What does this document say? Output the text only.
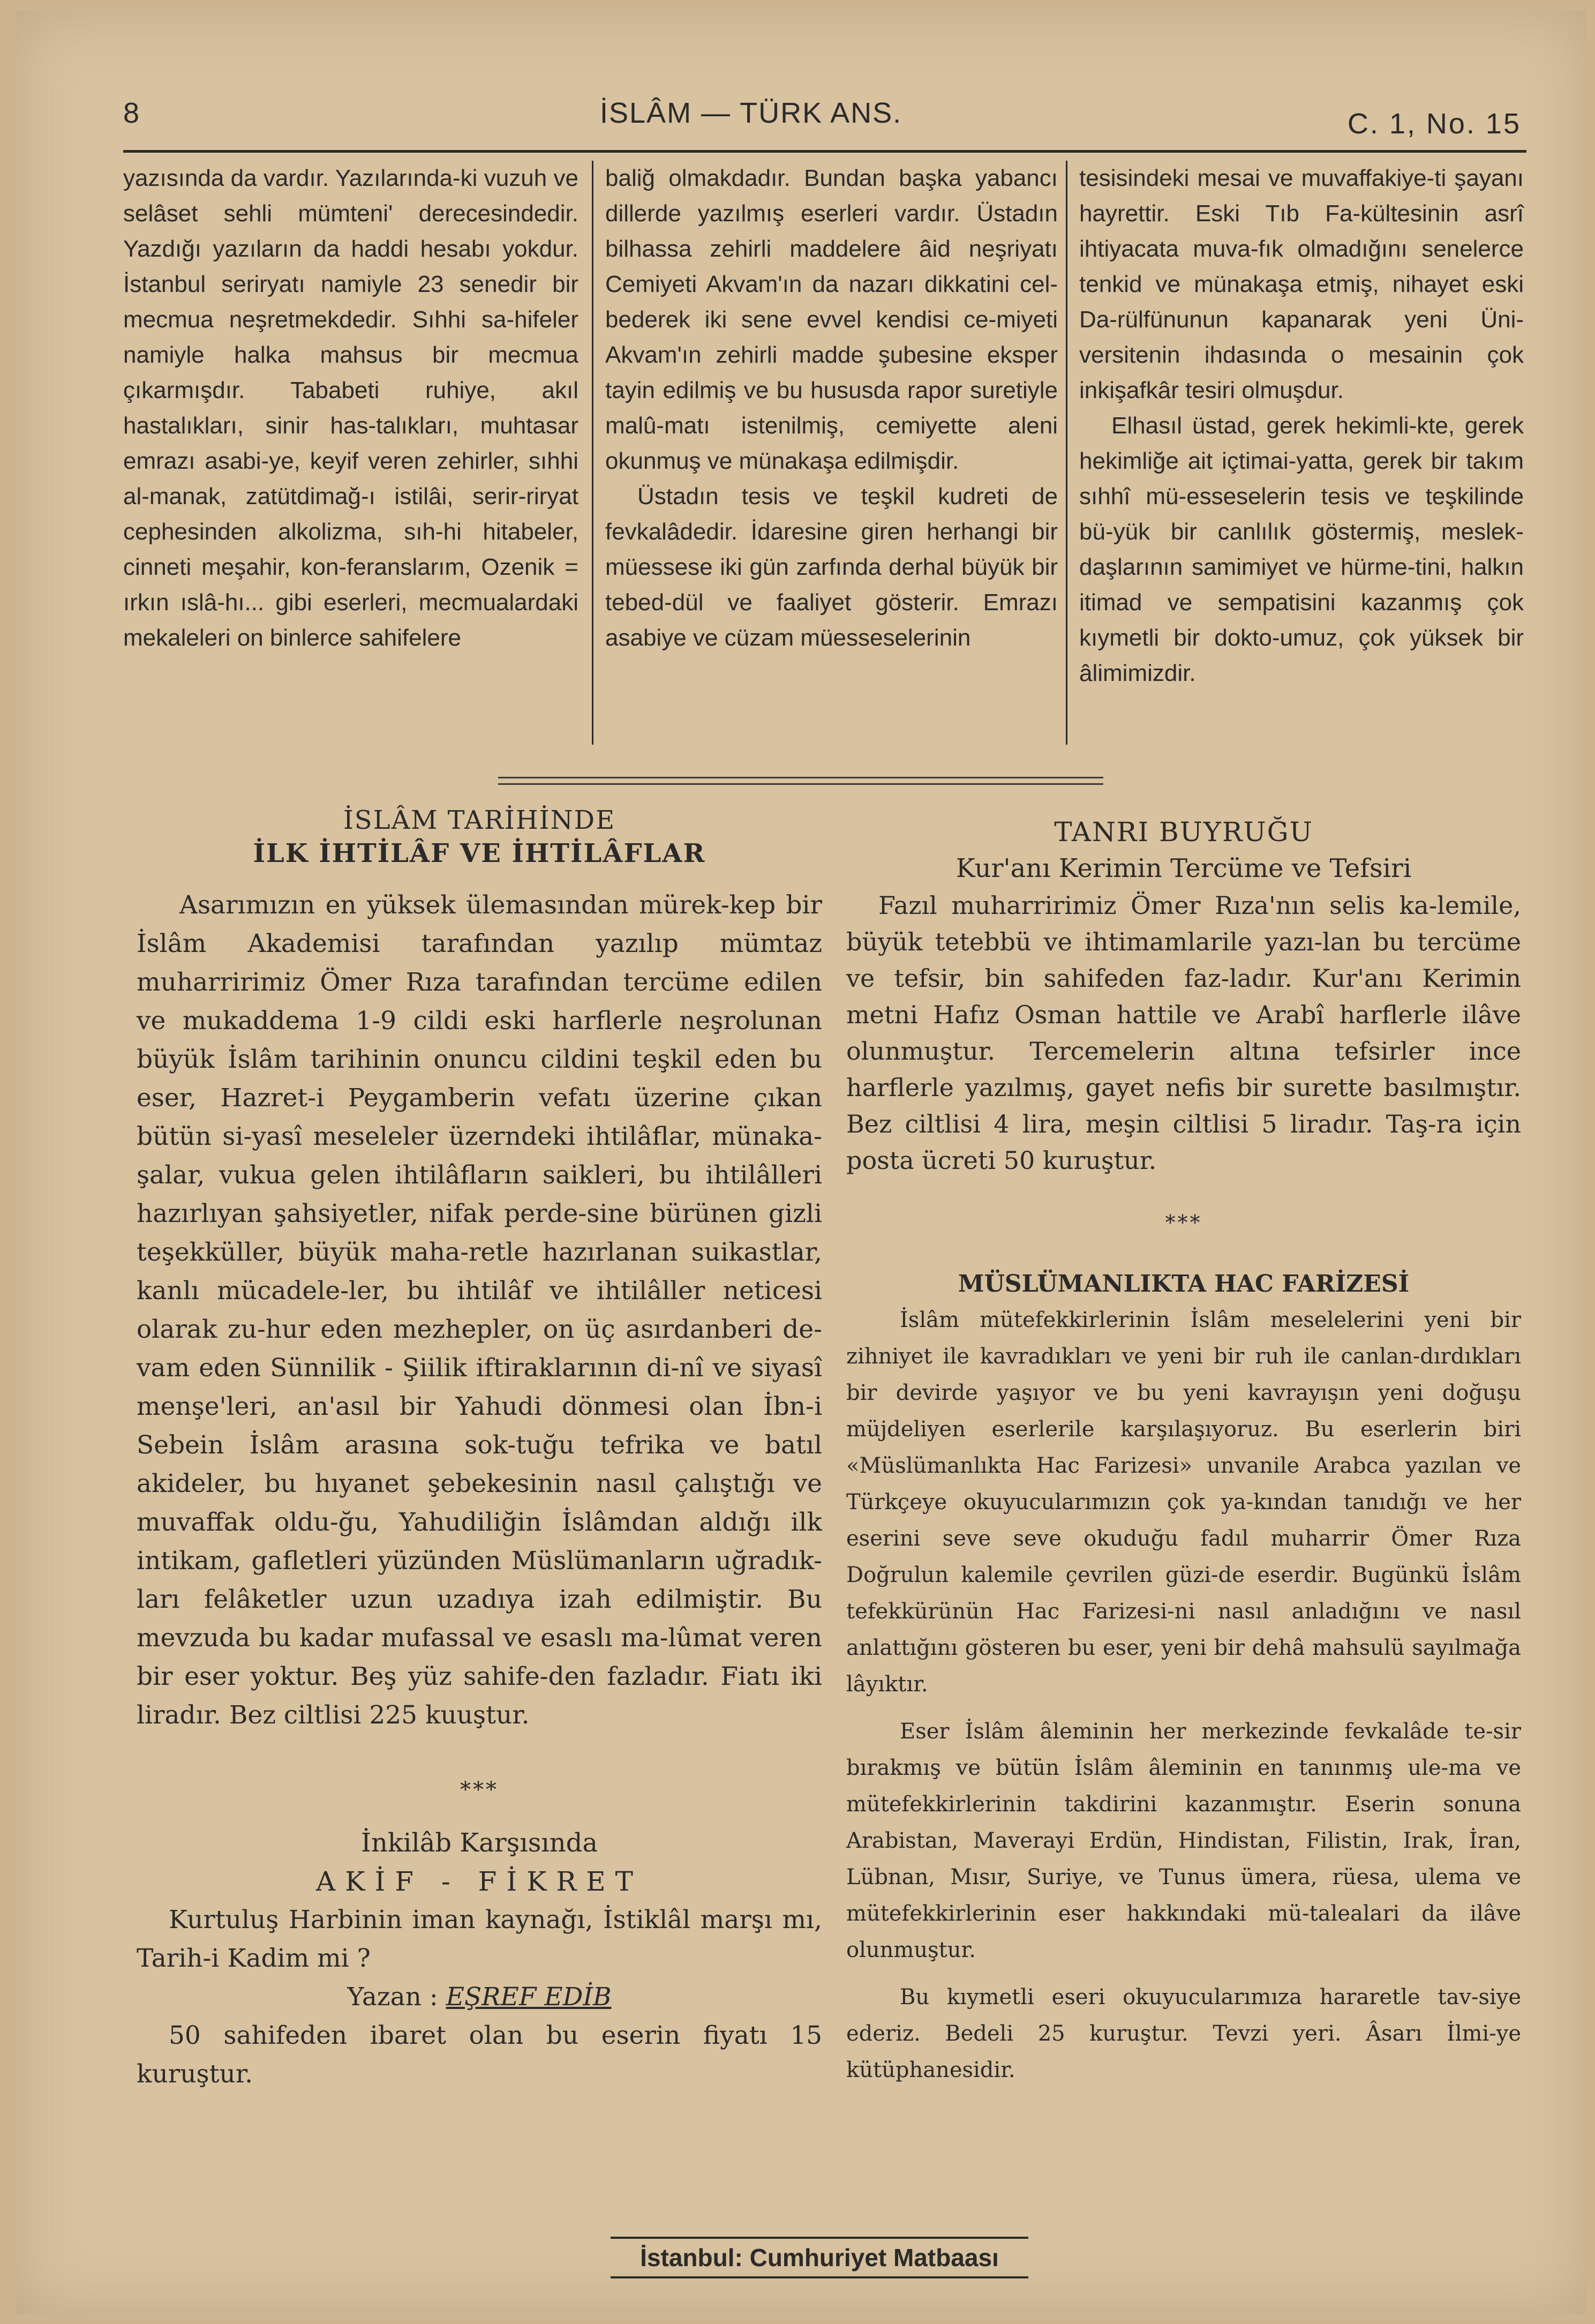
8	İSLÂM — TÜRK ANS.	C. 1, No. 15

yazısında da vardır. Yazılarında-ki vuzuh ve selâset sehli mümteni' derecesindedir. Yazdığı yazıların da haddi hesabı yokdur. İstanbul seriryatı namiyle 23 senedir bir mecmua neşretmekdedir. Sıhhi sa-hifeler namiyle halka mahsus bir mecmua çıkarmışdır. Tababeti ruhiye, akıl hastalıkları, sinir has-talıkları, muhtasar emrazı asabi-ye, keyif veren zehirler, sıhhi al-manak, zatütdimağ-ı istilâi, serir-riryat cephesinden alkolizma, sıh-hi hitabeler, cinneti meşahir, kon-feranslarım, Ozenik = ırkın ıslâ-hı... gibi eserleri, mecmualardaki mekaleleri on binlerce sahifelere

baliğ olmakdadır. Bundan başka yabancı dillerde yazılmış eserleri vardır. Üstadın bilhassa zehirli maddelere âid neşriyatı Cemiyeti Akvam'ın da nazarı dikkatini cel-bederek iki sene evvel kendisi ce-miyeti Akvam'ın zehirli madde şubesine eksper tayin edilmiş ve bu hususda rapor suretiyle malû-matı istenilmiş, cemiyette aleni okunmuş ve münakaşa edilmişdir.

Üstadın tesis ve teşkil kudreti de fevkalâdedir. İdaresine giren herhangi bir müessese iki gün zarfında derhal büyük bir tebed-dül ve faaliyet gösterir. Emrazı asabiye ve cüzam müesseselerinin

tesisindeki mesai ve muvaffakiye-ti şayanı hayrettir. Eski Tıb Fa-kültesinin asrî ihtiyacata muva-fık olmadığını senelerce tenkid ve münakaşa etmiş, nihayet eski Da-rülfünunun kapanarak yeni Üni-versitenin ihdasında o mesainin çok inkişafkâr tesiri olmuşdur.

Elhasıl üstad, gerek hekimli-kte, gerek hekimliğe ait içtimai-yatta, gerek bir takım sıhhî mü-esseselerin tesis ve teşkilinde bü-yük bir canlılık göstermiş, meslek-daşlarının samimiyet ve hürme-tini, halkın itimad ve sempatisini kazanmış çok kıymetli bir dokto-umuz, çok yüksek bir âlimimizdir.

İSLÂM TARİHİNDE
İLK İHTİLÂF VE İHTİLÂFLAR

Asarımızın en yüksek ülemasından mürek-kep bir İslâm Akademisi tarafından yazılıp mümtaz muharririmiz Ömer Rıza tarafından tercüme edilen ve mukaddema 1-9 cildi eski harflerle neşrolunan büyük İslâm tarihinin onuncu cildini teşkil eden bu eser, Hazret-i Peygamberin vefatı üzerine çıkan bütün si-yasî meseleler üzerndeki ihtilâflar, münaka-şalar, vukua gelen ihtilâfların saikleri, bu ihtilâlleri hazırlıyan şahsiyetler, nifak perde-sine bürünen gizli teşekküller, büyük maha-retle hazırlanan suikastlar, kanlı mücadele-ler, bu ihtilâf ve ihtilâller neticesi olarak zu-hur eden mezhepler, on üç asırdanberi de-vam eden Sünnilik - Şiilik iftiraklarının di-nî ve siyasî menşe'leri, an'asıl bir Yahudi dönmesi olan İbn-i Sebein İslâm arasına sok-tuğu tefrika ve batıl akideler, bu hıyanet şebekesinin nasıl çalıştığı ve muvaffak oldu-ğu, Yahudiliğin İslâmdan aldığı ilk intikam, gafletleri yüzünden Müslümanların uğradık-ları felâketler uzun uzadıya izah edilmiştir. Bu mevzuda bu kadar mufassal ve esaslı ma-lûmat veren bir eser yoktur. Beş yüz sahife-den fazladır. Fiatı iki liradır. Bez ciltlisi 225 kuuştur.

***
İnkilâb Karşısında
AKİF - FİKRET

Kurtuluş Harbinin iman kaynağı, İstiklâl marşı mı, Tarih-i Kadim mi ?

Yazan : EŞREF EDİB

50 sahifeden ibaret olan bu eserin fiyatı 15 kuruştur.

TANRI BUYRUĞU
Kur'anı Kerimin Tercüme ve Tefsiri

Fazıl muharririmiz Ömer Rıza'nın selis ka-lemile, büyük tetebbü ve ihtimamlarile yazı-lan bu tercüme ve tefsir, bin sahifeden faz-ladır. Kur'anı Kerimin metni Hafız Osman hattile ve Arabî harflerle ilâve olunmuştur. Tercemelerin altına tefsirler ince harflerle yazılmış, gayet nefis bir surette basılmıştır. Bez ciltlisi 4 lira, meşin ciltlisi 5 liradır. Taş-ra için posta ücreti 50 kuruştur.

***
MÜSLÜMANLIKTA HAC FARİZESİ

İslâm mütefekkirlerinin İslâm meselelerini yeni bir zihniyet ile kavradıkları ve yeni bir ruh ile canlan-dırdıkları bir devirde yaşıyor ve bu yeni kavrayışın yeni doğuşu müjdeliyen eserlerile karşılaşıyoruz. Bu eserlerin biri «Müslümanlıkta Hac Farizesi» unvanile Arabca yazılan ve Türkçeye okuyucularımızın çok ya-kından tanıdığı ve her eserini seve seve okuduğu fadıl muharrir Ömer Rıza Doğrulun kalemile çevrilen güzi-de eserdir. Bugünkü İslâm tefekkürünün Hac Farizesi-ni nasıl anladığını ve nasıl anlattığını gösteren bu eser, yeni bir dehâ mahsulü sayılmağa lâyıktır.

Eser İslâm âleminin her merkezinde fevkalâde te-sir bırakmış ve bütün İslâm âleminin en tanınmış ule-ma ve mütefekkirlerinin takdirini kazanmıştır. Eserin sonuna Arabistan, Maverayi Erdün, Hindistan, Filistin, Irak, İran, Lübnan, Mısır, Suriye, ve Tunus ümera, rüesa, ulema ve mütefekkirlerinin eser hakkındaki mü-talealari da ilâve olunmuştur.

Bu kıymetli eseri okuyucularımıza hararetle tav-siye ederiz. Bedeli 25 kuruştur. Tevzi yeri. Âsarı İlmi-ye kütüphanesidir.

İstanbul: Cumhuriyet Matbaası
